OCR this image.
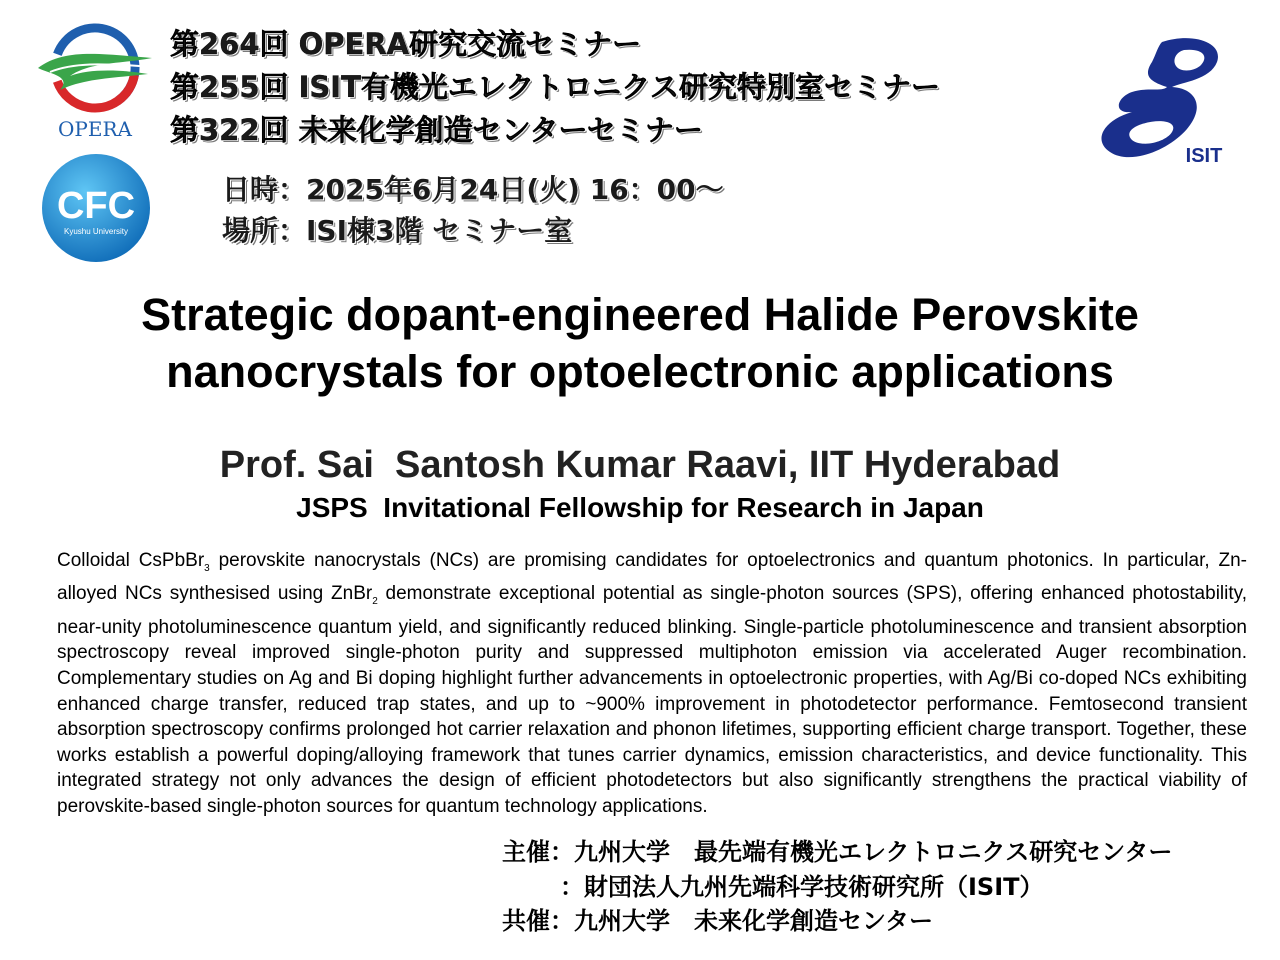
OPERA
CFC
Kyushu University
ISIT
第264回 OPERA研究交流セミナー
第255回 ISIT有機光エレクトロニクス研究特別室セミナー
第322回 未来化学創造センターセミナー
日時：2025年6月24日(火) 16：00～
場所：ISI棟3階 セミナー室
Strategic dopant-engineered Halide Perovskite
nanocrystals for optoelectronic applications
Prof. Sai  Santosh Kumar Raavi, IIT Hyderabad
JSPS  Invitational Fellowship for Research in Japan

Colloidal CsPbBr$_3$ perovskite nanocrystals (NCs) are promising candidates for optoelectronics and quantum photonics. In particular, Zn-alloyed NCs synthesised using ZnBr$_2$ demonstrate exceptional potential as single-photon sources (SPS), offering enhanced photostability, near-unity photoluminescence quantum yield, and significantly reduced blinking. Single-particle photoluminescence and transient absorption spectroscopy reveal improved single-photon purity and suppressed multiphoton emission via accelerated Auger recombination. Complementary studies on Ag and Bi doping highlight further advancements in optoelectronic properties, with Ag/Bi co-doped NCs exhibiting enhanced charge transfer, reduced trap states, and up to ~900% improvement in photodetector performance. Femtosecond transient absorption spectroscopy confirms prolonged hot carrier relaxation and phonon lifetimes, supporting efficient charge transport. Together, these works establish a powerful doping/alloying framework that tunes carrier dynamics, emission characteristics, and device functionality. This integrated strategy not only advances the design of efficient photodetectors but also significantly strengthens the practical viability of perovskite-based single-photon sources for quantum technology applications.

主催：九州大学　最先端有機光エレクトロニクス研究センター
：財団法人九州先端科学技術研究所（ISIT）
共催：九州大学　未来化学創造センター
